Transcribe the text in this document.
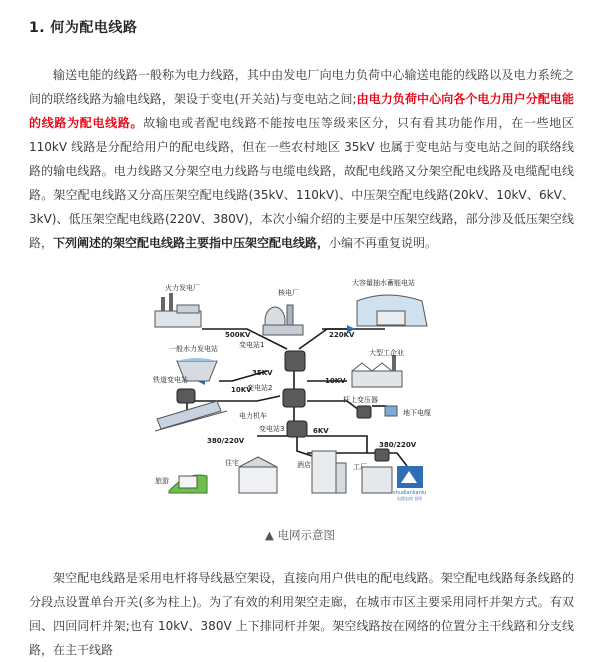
1. 何为配电线路

输送电能的线路一般称为电力线路，其中由发电厂向电力负荷中心输送电能的线路以及电力系统之间的联络线路为输电线路，架设于变电(开关站)与变电站之间;由电力负荷中心向各个电力用户分配电能的线路为配电线路。故输电或者配电线路不能按电压等级来区分，只有看其功能作用，在一些地区 110kV 线路是分配给用户的配电线路，但在一些农村地区 35kV 也属于变电站与变电站之间的联络线路的输电线路。电力线路又分架空电力线路与电缆电线路，故配电线路又分架空配电线路及电缆配电线路。架空配电线路又分高压架空配电线路(35kV、110kV)、中压架空配电线路(20kV、10kV、6kV、3kV)、低压架空配电线路(220V、380V)，本次小编介绍的主要是中压架空线路，部分涉及低压架空线路，下列阐述的架空配电线路主要指中压架空配电线路，小编不再重复说明。

火力发电厂
核电厂
大容量抽水蓄能电站
500KV	220KV
一般水力发电站	变电站1
大型工企业
35KV
10KV
10KV
变电站2
铁道变电站
杆上变压器
地下电缆
电力机车
变电站3	6KV
380/220V	380/220V
旅游
住宅	酒店	工厂
shudianlianlu
电缆电线 说明
▲ 电网示意图

架空配电线路是采用电杆将导线悬空架设，直接向用户供电的配电线路。架空配电线路每条线路的分段点设置单台开关(多为柱上)。为了有效的利用架空走廊，在城市市区主要采用同杆并架方式。有双回、四回同杆并架;也有 10kV、380V 上下排同杆并架。架空线路按在网络的位置分主干线路和分支线路，在主干线路
